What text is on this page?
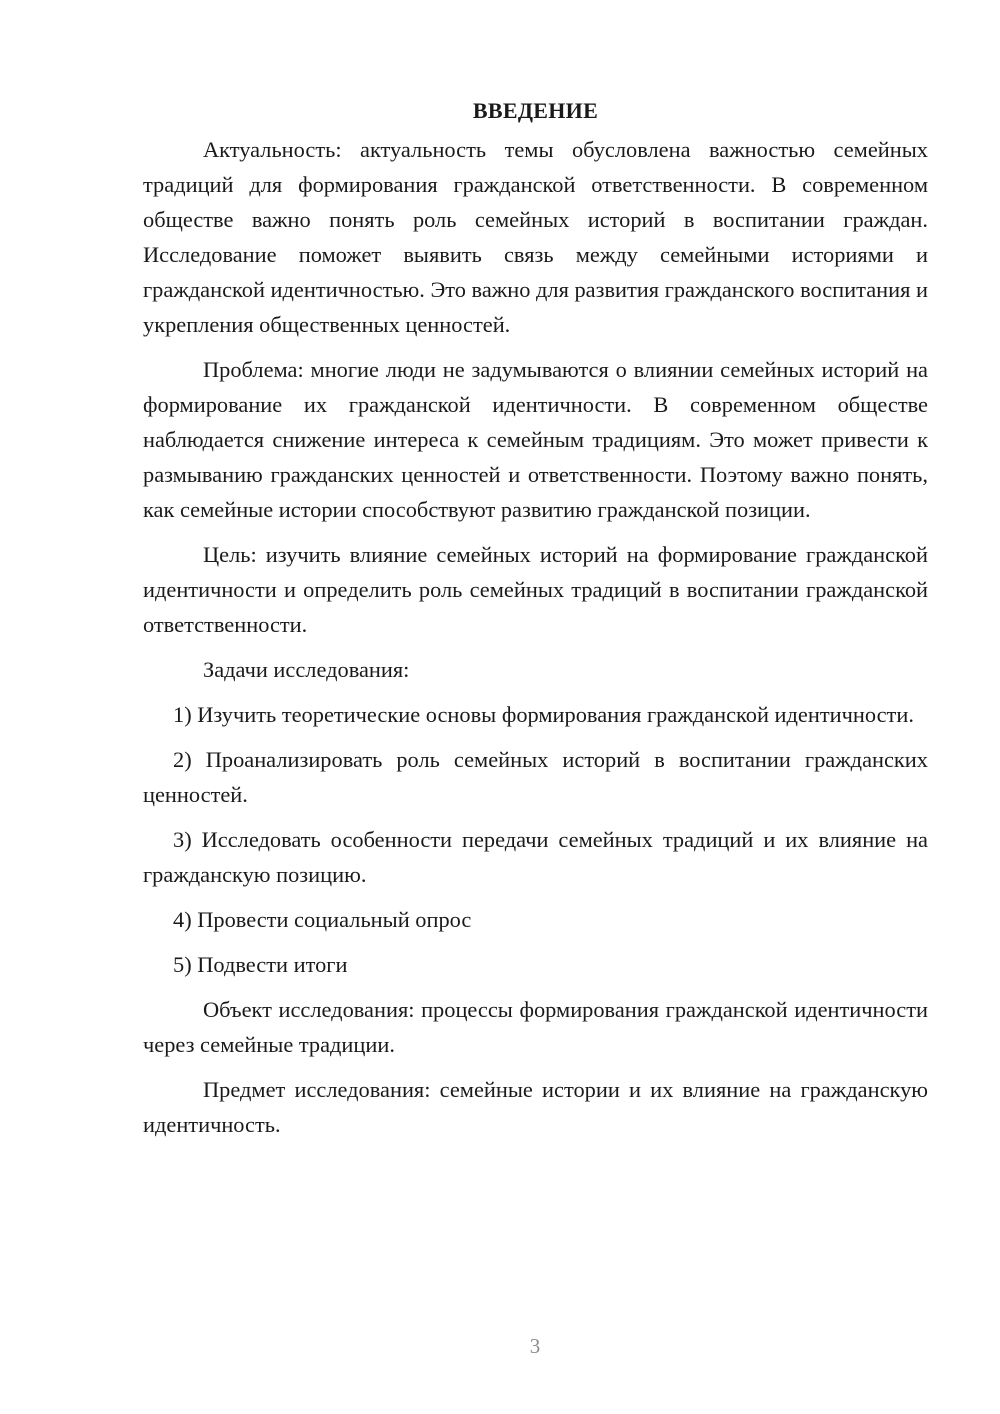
ВВЕДЕНИЕ

Актуальность: актуальность темы обусловлена важностью семейных традиций для формирования гражданской ответственности. В современном обществе важно понять роль семейных историй в воспитании граждан. Исследование поможет выявить связь между семейными историями и гражданской идентичностью. Это важно для развития гражданского воспитания и укрепления общественных ценностей.

Проблема: многие люди не задумываются о влиянии семейных историй на формирование их гражданской идентичности. В современном обществе наблюдается снижение интереса к семейным традициям. Это может привести к размыванию гражданских ценностей и ответственности. Поэтому важно понять, как семейные истории способствуют развитию гражданской позиции.

Цель: изучить влияние семейных историй на формирование гражданской идентичности и определить роль семейных традиций в воспитании гражданской ответственности.

Задачи исследования:

1) Изучить теоретические основы формирования гражданской идентичности.

2) Проанализировать роль семейных историй в воспитании гражданских ценностей.

3) Исследовать особенности передачи семейных традиций и их влияние на гражданскую позицию.

4) Провести социальный опрос

5) Подвести итоги

Объект исследования: процессы формирования гражданской идентичности через семейные традиции.

Предмет исследования: семейные истории и их влияние на гражданскую идентичность.

3
